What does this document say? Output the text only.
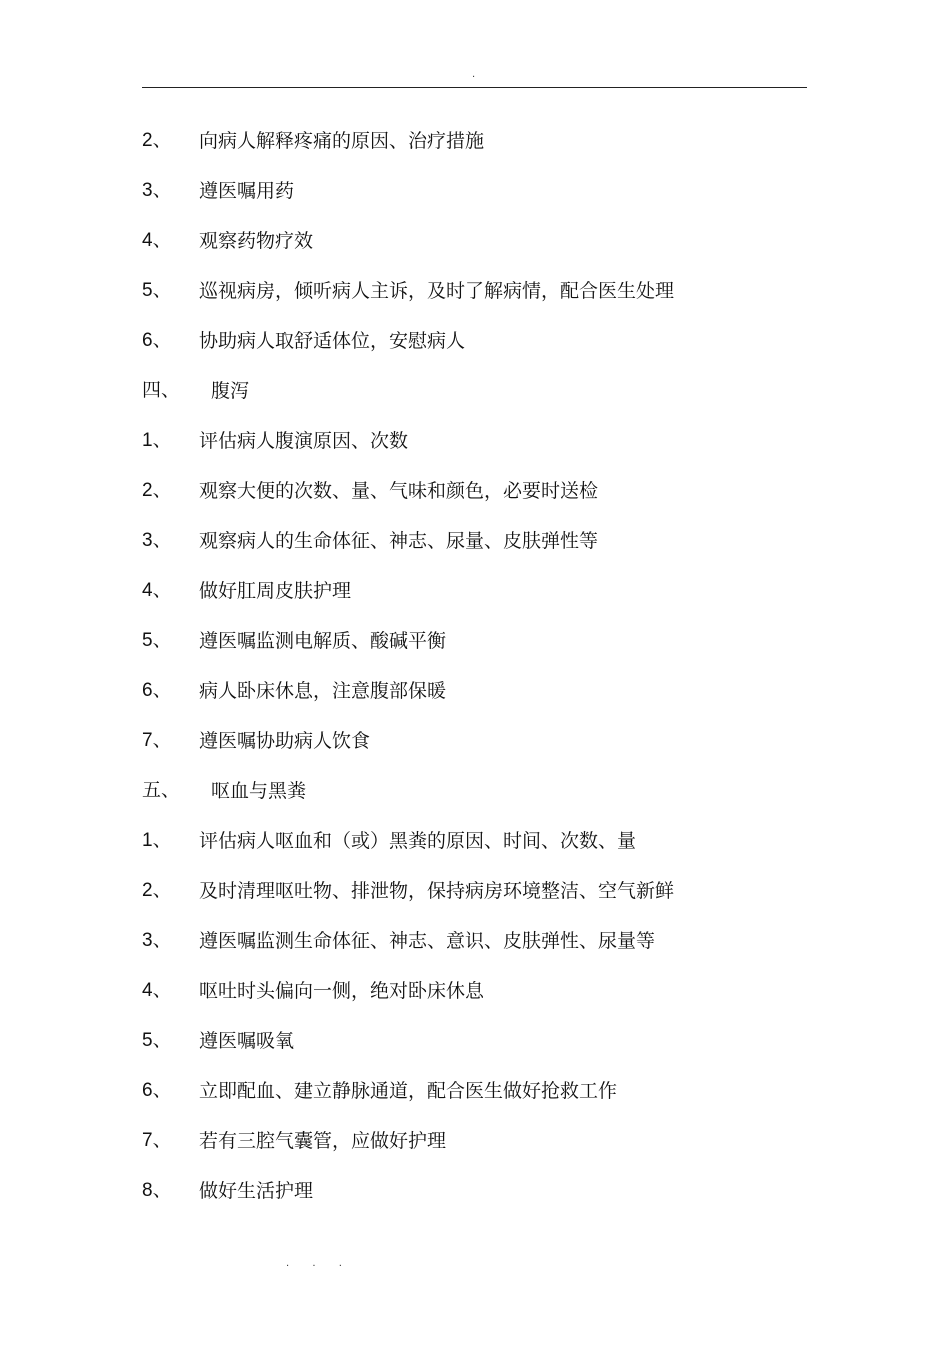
.
2、 向病人解释疼痛的原因、治疗措施
3、 遵医嘱用药
4、 观察药物疗效
5、 巡视病房，倾听病人主诉，及时了解病情，配合医生处理
6、 协助病人取舒适体位，安慰病人
四、 腹泻
1、 评估病人腹演原因、次数
2、 观察大便的次数、量、气味和颜色，必要时送检
3、 观察病人的生命体征、神志、尿量、皮肤弹性等
4、 做好肛周皮肤护理
5、 遵医嘱监测电解质、酸碱平衡
6、 病人卧床休息，注意腹部保暖
7、 遵医嘱协助病人饮食
五、 呕血与黑粪
1、 评估病人呕血和（或）黑粪的原因、时间、次数、量
2、 及时清理呕吐物、排泄物，保持病房环境整洁、空气新鲜
3、 遵医嘱监测生命体征、神志、意识、皮肤弹性、尿量等
4、 呕吐时头偏向一侧，绝对卧床休息
5、 遵医嘱吸氧
6、 立即配血、建立静脉通道，配合医生做好抢救工作
7、 若有三腔气囊管，应做好护理
8、 做好生活护理
. . .
